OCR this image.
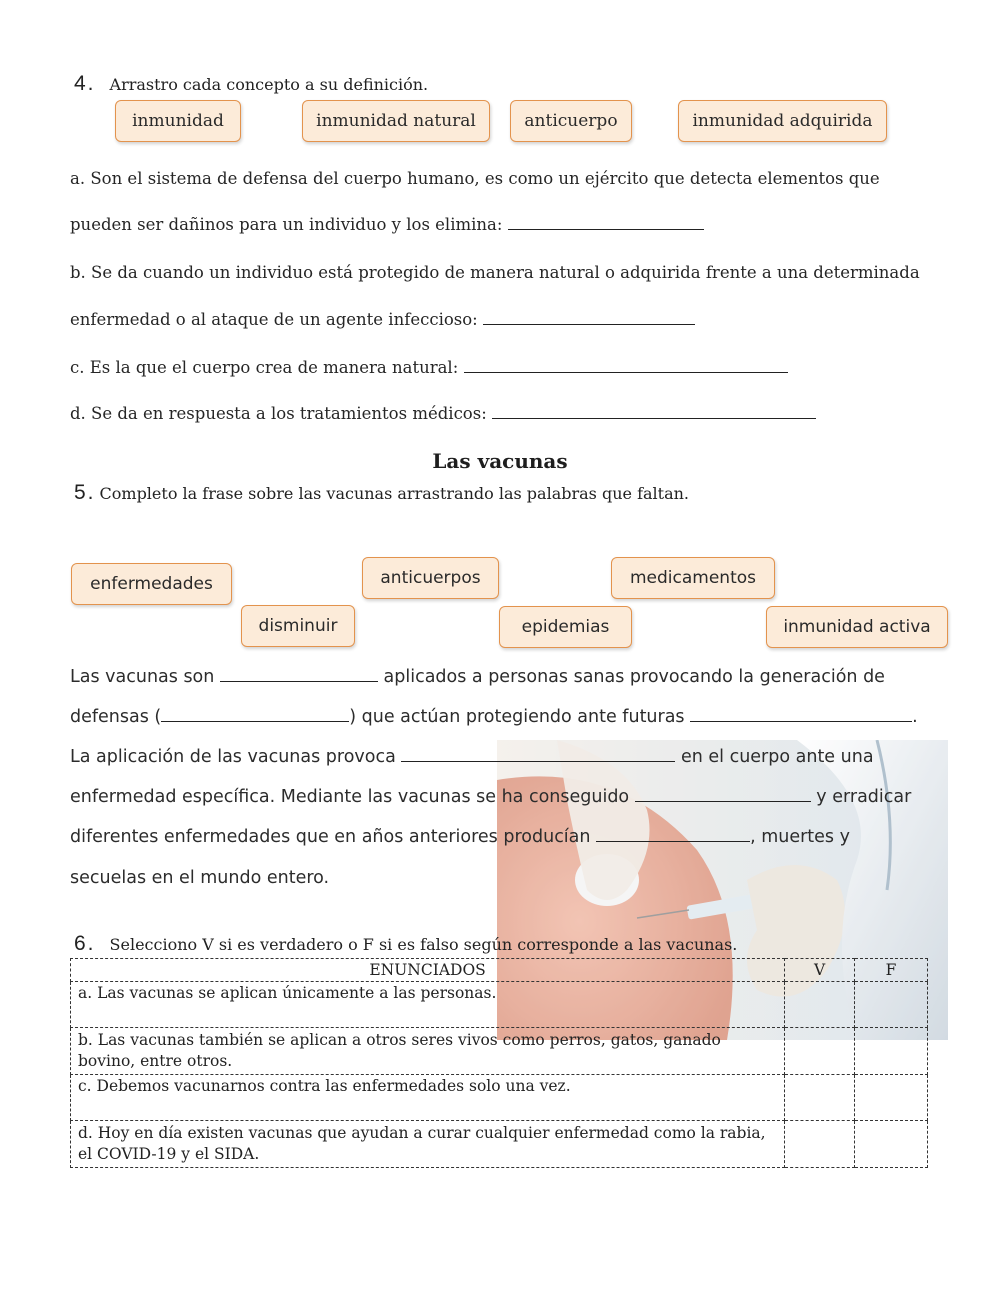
4. Arrastro cada concepto a su definición.
inmunidad	inmunidad natural	anticuerpo	inmunidad adquirida
a. Son el sistema de defensa del cuerpo humano, es como un ejército que detecta elementos que
pueden ser dañinos para un individuo y los elimina:
b. Se da cuando un individuo está protegido de manera natural o adquirida frente a una determinada
enfermedad o al ataque de un agente infeccioso:
c. Es la que el cuerpo crea de manera natural:
d. Se da en respuesta a los tratamientos médicos:
Las vacunas
5. Completo la frase sobre las vacunas arrastrando las palabras que faltan.
enfermedades	anticuerpos	medicamentos
disminuir	epidemias	inmunidad activa
Las vacunas son	aplicados a personas sanas provocando la generación de
defensas (	) que actúan protegiendo ante futuras	.
La aplicación de las vacunas provoca	en el cuerpo ante una
enfermedad específica. Mediante las vacunas se ha conseguido	y erradicar
diferentes enfermedades que en años anteriores producían	, muertes y
secuelas en el mundo entero.
6. Selecciono V si es verdadero o F si es falso según corresponde a las vacunas.
ENUNCIADOS	V	F
a. Las vacunas se aplican únicamente a las personas.		
b. Las vacunas también se aplican a otros seres vivos como perros, gatos, ganado bovino, entre otros.		
c. Debemos vacunarnos contra las enfermedades solo una vez.		
d. Hoy en día existen vacunas que ayudan a curar cualquier enfermedad como la rabia, el COVID-19 y el SIDA.		
